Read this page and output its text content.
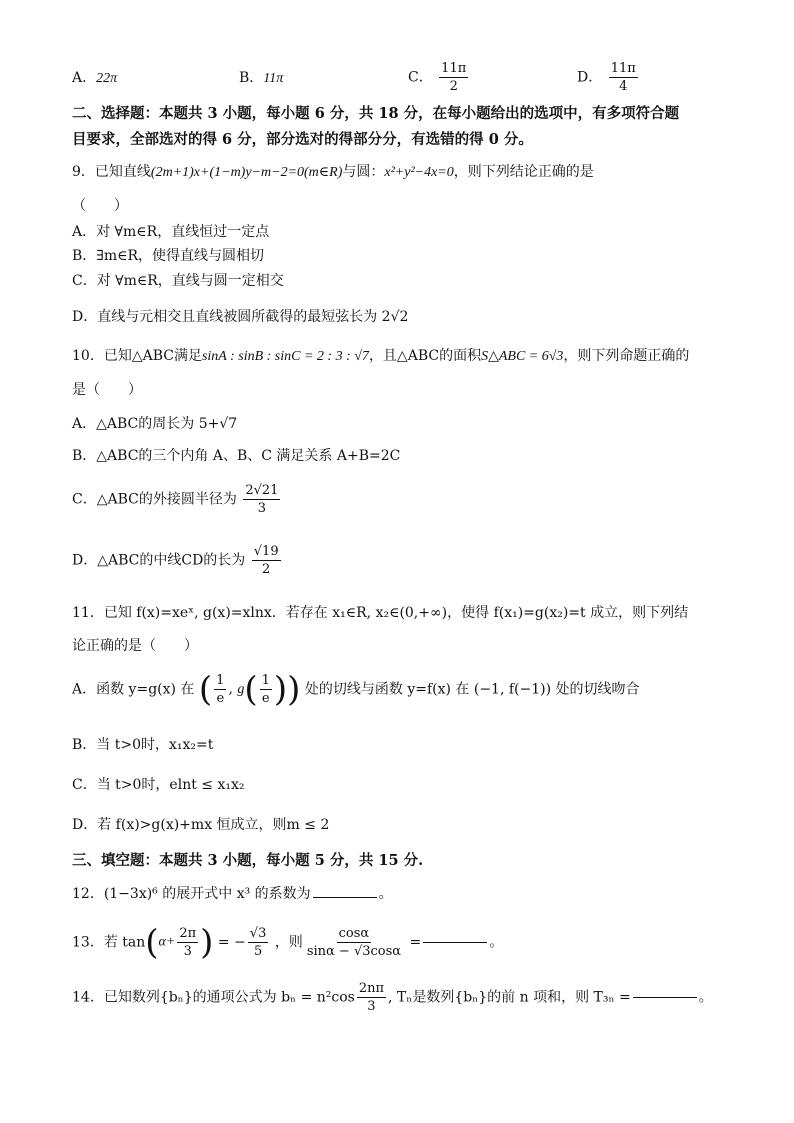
A．22π	B．11π	C． $\frac{11\pi}{2}$	D． $\frac{11\pi}{4}$
二、选择题：本题共 3 小题，每小题 6 分，共 18 分，在每小题给出的选项中，有多项符合题
目要求，全部选对的得 6 分，部分选对的得部分分，有选错的得 0 分。
9．已知直线(2m+1)x+(1−m)y−m−2=0(m∈R)与圆：x²+y²−4x=0，则下列结论正确的是
（　　）
A．对 ∀m∈R，直线恒过一定点
B．∃m∈R，使得直线与圆相切
C．对 ∀m∈R，直线与圆一定相交
D．直线与元相交且直线被圆所截得的最短弦长为 2√2
10．已知△ABC满足sinA : sinB : sinC = 2 : 3 : √7，且△ABC的面积S△ABC = 6√3，则下列命题正确的
是（　　）
A．△ABC的周长为 5+√7
B．△ABC的三个内角 A、B、C 满足关系 A+B=2C
C．△ABC的外接圆半径为 $\frac{2√21}{3}$
D．△ABC的中线CD的长为 $\frac{√19}{2}$
11．已知 f(x)=xeˣ, g(x)=xlnx．若存在 x₁∈R, x₂∈(0,+∞)，使得 f(x₁)=g(x₂)=t 成立，则下列结
论正确的是（　　）
A．函数 y=g(x) 在 ( $\frac{1}{e}$ , $g( \frac{1}{e}$ )) 处的切线与函数 y=f(x) 在 (−1, f(−1)) 处的切线吻合
B．当 t>0时，x₁x₂=t
C．当 t>0时，elnt ≤ x₁x₂
D．若 f(x)>g(x)+mx 恒成立，则m ≤ 2
三、填空题：本题共 3 小题，每小题 5 分，共 15 分.
12．(1−3x)⁶ 的展开式中 x³ 的系数为	。
13．若 $\tan(\alpha+ \frac{2\pi}{3}$ ) = − $\frac{√3}{5}$ ，则 $\frac{\cos\alpha}{\sin\alpha - √3\cos\alpha}$ =	。
14．已知数列{bₙ}的通项公式为 $b_n = n^2\cos \frac{2n\pi}{3}$ , Tₙ是数列{bₙ}的前 n 项和，则 T₃ₙ =	。
